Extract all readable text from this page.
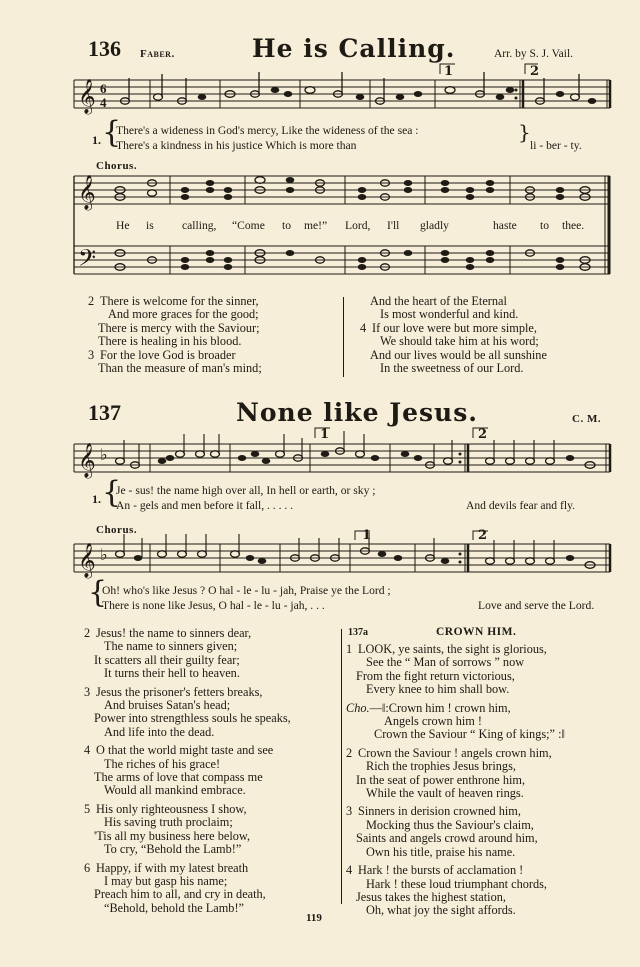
136 Faber.	He is Calling.	Arr. by S. J. Vail.
𝄞 6
4
1	2
1. {
There's a wideness in God's mercy, Like the wideness of the sea :
There's a kindness in his justice Which is more than	li - ber - ty.
}
Chorus.
𝄞
𝄢
He is calling, “Come to me!” Lord, I'll gladly	haste to thee.
2 There is welcome for the sinner,
And more graces for the good;
There is mercy with the Saviour;
There is healing in his blood.
3 For the love God is broader
Than the measure of man's mind;
And the heart of the Eternal
Is most wonderful and kind.
4 If our love were but more simple,
We should take him at his word;
And our lives would be all sunshine
In the sweetness of our Lord.
137	None like Jesus.	C. M.
𝄞 ♭
1	2
1. {
Je - sus! the name high over all, In hell or earth, or sky ;
An - gels and men before it fall, . . . . .	And devils fear and fly.
Chorus.
𝄞 ♭
1	2
{
Oh! who's like Jesus ? O hal - le - lu - jah, Praise ye the Lord ;
There is none like Jesus, O hal - le - lu - jah, . . .	Love and serve the Lord.
2 Jesus! the name to sinners dear,
The name to sinners given;
It scatters all their guilty fear;
It turns their hell to heaven.
3 Jesus the prisoner's fetters breaks,
And bruises Satan's head;
Power into strengthless souls he speaks,
And life into the dead.
4 O that the world might taste and see
The riches of his grace!
The arms of love that compass me
Would all mankind embrace.
5 His only righteousness I show,
His saving truth proclaim;
'Tis all my business here below,
To cry, “Behold the Lamb!”
6 Happy, if with my latest breath
I may but gasp his name;
Preach him to all, and cry in death,
“Behold, behold the Lamb!”
137a	CROWN HIM.
1 LOOK, ye saints, the sight is glorious,
See the “ Man of sorrows ” now
From the fight return victorious,
Every knee to him shall bow.
Cho.—‖:Crown him ! crown him,
Angels crown him !
Crown the Saviour “ King of kings;” :‖
2 Crown the Saviour ! angels crown him,
Rich the trophies Jesus brings,
In the seat of power enthrone him,
While the vault of heaven rings.
3 Sinners in derision crowned him,
Mocking thus the Saviour's claim,
Saints and angels crowd around him,
Own his title, praise his name.
4 Hark ! the bursts of acclamation !
Hark ! these loud triumphant chords,
Jesus takes the highest station,
Oh, what joy the sight affords.
119
